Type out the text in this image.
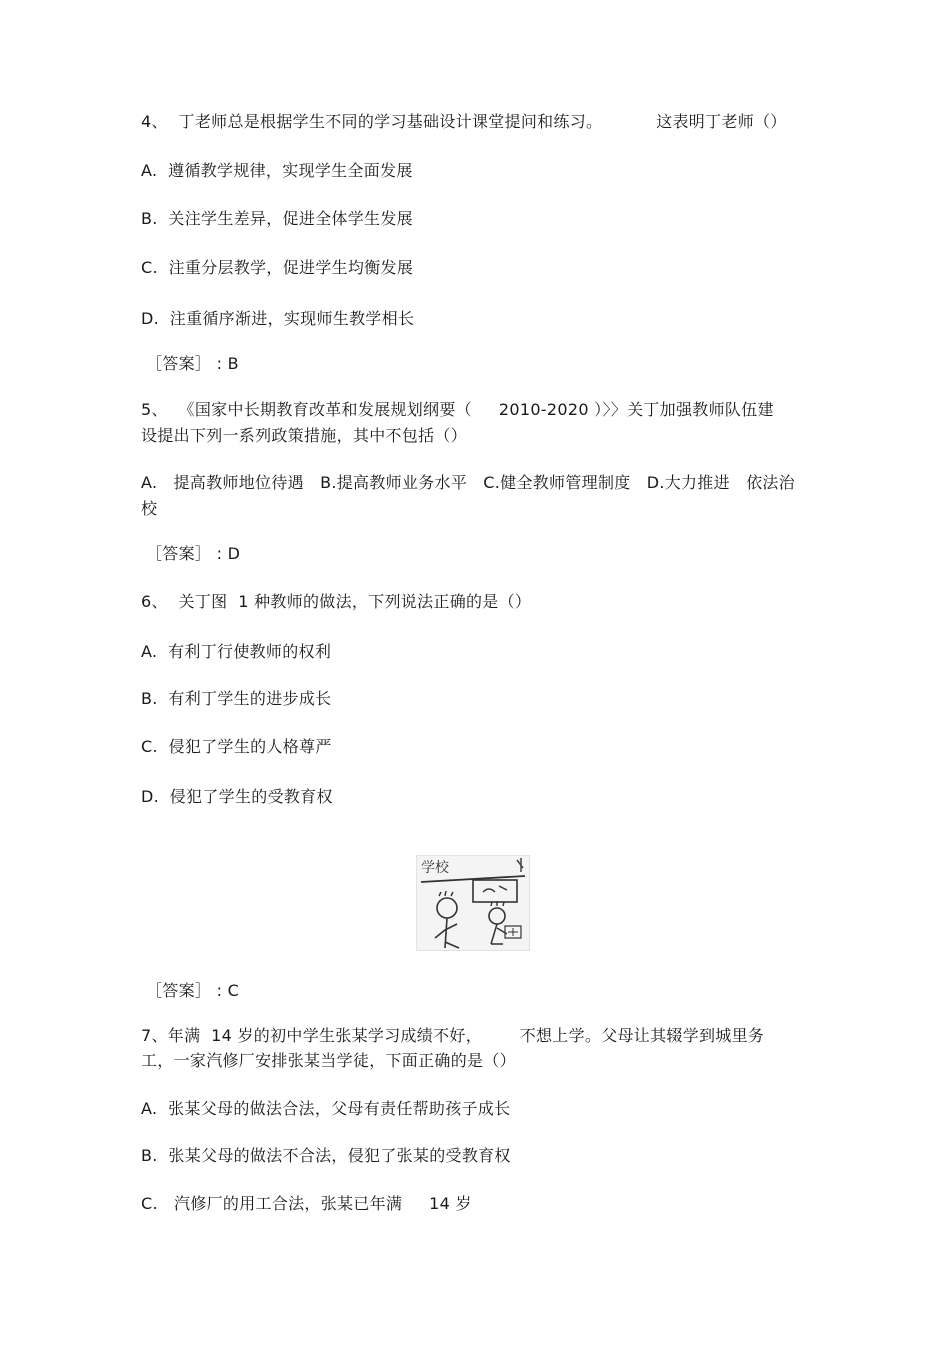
4、  丁老师总是根据学生不同的学习基础设计课堂提问和练习。          这表明丁老师（）
A.  遵循教学规律，实现学生全面发展
B.  关注学生差异，促进全体学生发展
C.  注重分层教学，促进学生均衡发展
D.  注重循序渐进，实现师生教学相长
［答案］ : B
5、  《国家中长期教育改革和发展规划纲要（     2010-2020 ）〉〉关丁加强教师队伍建
设提出下列一系列政策措施，其中不包括（）
A.   提高教师地位待遇   B.提高教师业务水平   C.健全教师管理制度   D.大力推进   依法治
校
［答案］ : D
6、  关丁图  1 种教师的做法，下列说法正确的是（）
A.  有利丁行使教师的权利
B.  有利丁学生的进步成长
C.  侵犯了学生的人格尊严
D.  侵犯了学生的受教育权
学校
［答案］ : C
7、年满  14 岁的初中学生张某学习成绩不好，       不想上学。父母让其辍学到城里务
工，一家汽修厂安排张某当学徒，下面正确的是（）
A.  张某父母的做法合法，父母有责任帮助孩子成长
B.  张某父母的做法不合法，侵犯了张某的受教育权
C.   汽修厂的用工合法，张某已年满     14 岁
